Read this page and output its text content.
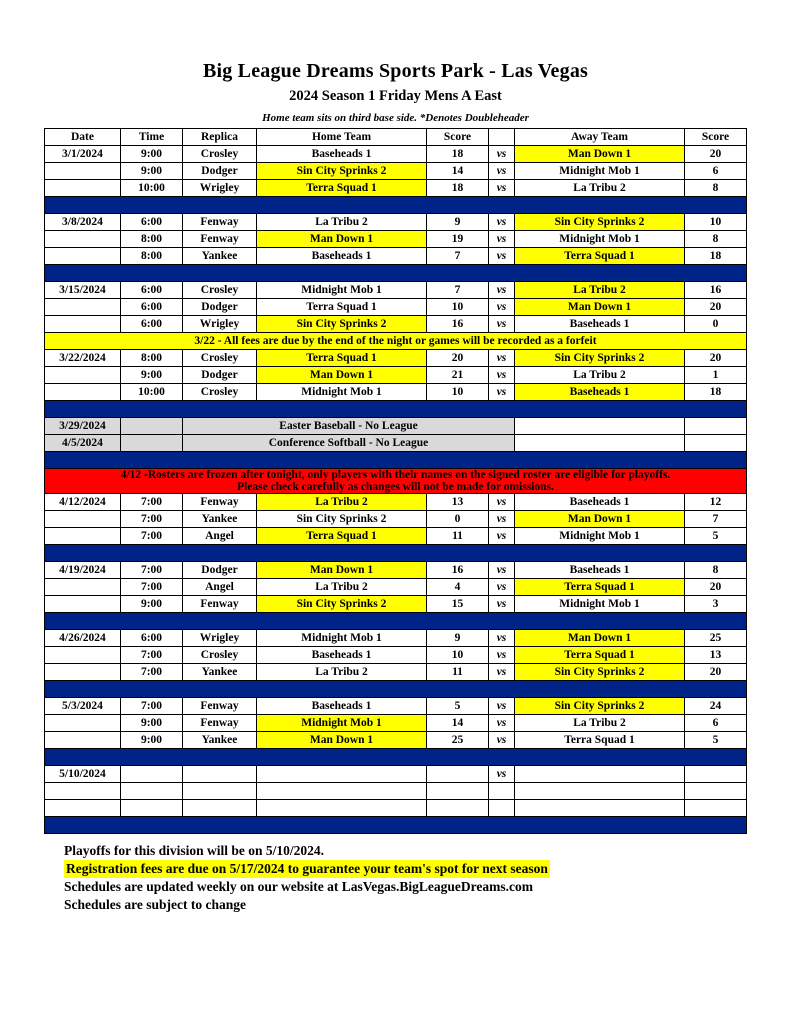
Big League Dreams Sports Park - Las Vegas
2024 Season 1 Friday Mens A East
Home team sits on third base side. *Denotes Doubleheader
Date	Time	Replica	Home Team	Score		Away Team	Score
3/1/2024	9:00	Crosley	Baseheads 1	18	vs	Man Down 1	20
	9:00	Dodger	Sin City Sprinks 2	14	vs	Midnight Mob 1	6
	10:00	Wrigley	Terra Squad 1	18	vs	La Tribu 2	8

3/8/2024	6:00	Fenway	La Tribu 2	9	vs	Sin City Sprinks 2	10
	8:00	Fenway	Man Down 1	19	vs	Midnight Mob 1	8
	8:00	Yankee	Baseheads 1	7	vs	Terra Squad 1	18

3/15/2024	6:00	Crosley	Midnight Mob 1	7	vs	La Tribu 2	16
	6:00	Dodger	Terra Squad 1	10	vs	Man Down 1	20
	6:00	Wrigley	Sin City Sprinks 2	16	vs	Baseheads 1	0
3/22 - All fees are due by the end of the night or games will be recorded as a forfeit							
3/22/2024	8:00	Crosley	Terra Squad 1	20	vs	Sin City Sprinks 2	20
	9:00	Dodger	Man Down 1	21	vs	La Tribu 2	1
	10:00	Crosley	Midnight Mob 1	10	vs	Baseheads 1	18

3/29/2024		Easter Baseball - No League					
4/5/2024		Conference Softball - No League					

4/12 -Rosters are frozen after tonight, only players with their names on the signed roster are eligible for playoffs.
Please check carefully as changes will not be made for omissions.							

4/12/2024	7:00	Fenway	La Tribu 2	13	vs	Baseheads 1	12
	7:00	Yankee	Sin City Sprinks 2	0	vs	Man Down 1	7
	7:00	Angel	Terra Squad 1	11	vs	Midnight Mob 1	5

4/19/2024	7:00	Dodger	Man Down 1	16	vs	Baseheads 1	8
	7:00	Angel	La Tribu 2	4	vs	Terra Squad 1	20
	9:00	Fenway	Sin City Sprinks 2	15	vs	Midnight Mob 1	3

4/26/2024	6:00	Wrigley	Midnight Mob 1	9	vs	Man Down 1	25
	7:00	Crosley	Baseheads 1	10	vs	Terra Squad 1	13
	7:00	Yankee	La Tribu 2	11	vs	Sin City Sprinks 2	20

5/3/2024	7:00	Fenway	Baseheads 1	5	vs	Sin City Sprinks 2	24
	9:00	Fenway	Midnight Mob 1	14	vs	La Tribu 2	6
	9:00	Yankee	Man Down 1	25	vs	Terra Squad 1	5

5/10/2024					vs		

Playoffs for this division will be on 5/10/2024.
Registration fees are due on 5/17/2024 to guarantee your team's spot for next season
Schedules are updated weekly on our website at LasVegas.BigLeagueDreams.com
Schedules are subject to change
